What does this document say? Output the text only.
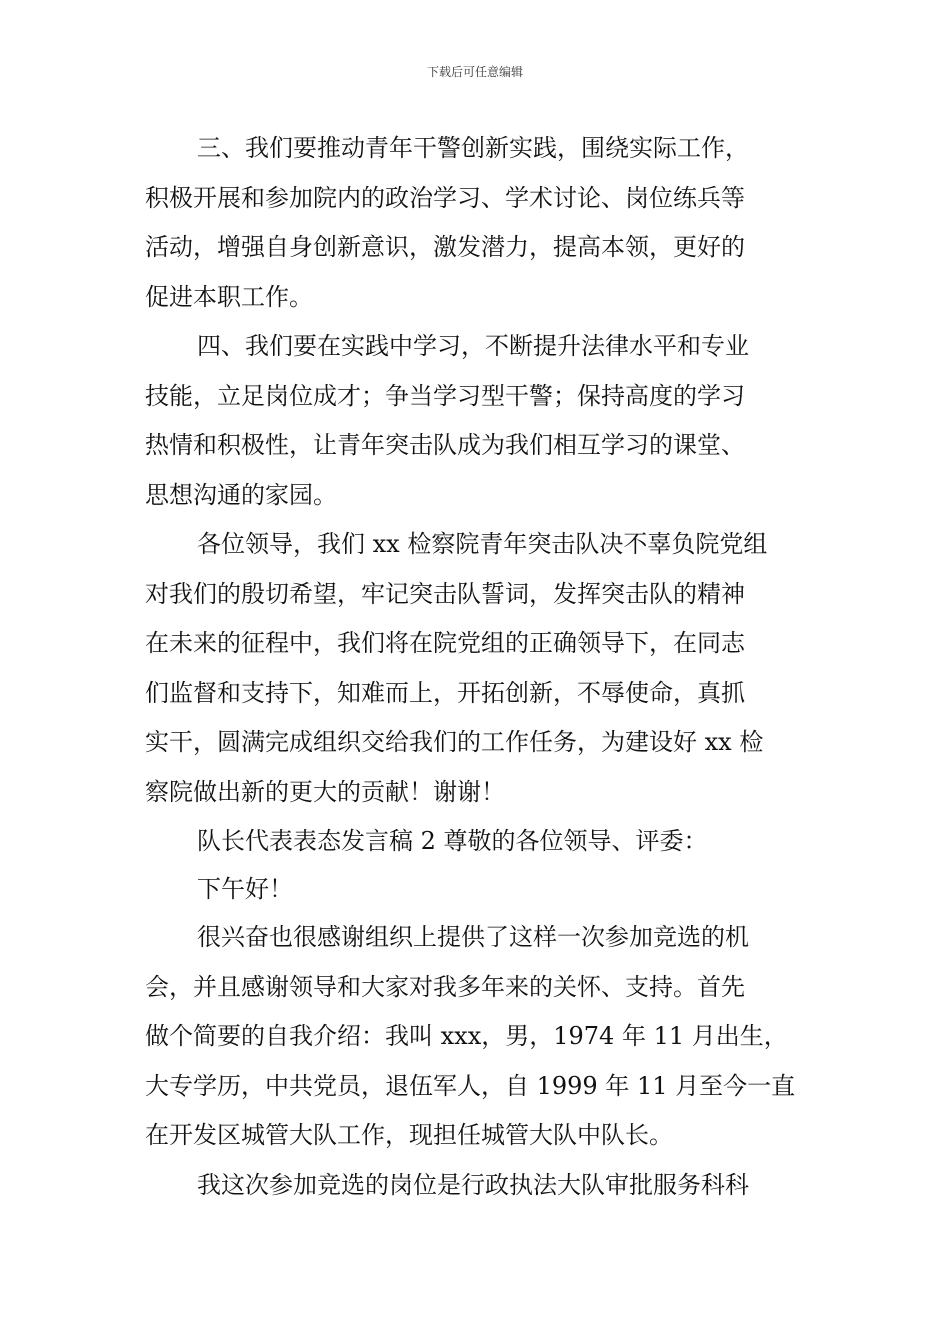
下载后可任意编辑
三、我们要推动青年干警创新实践，围绕实际工作，
积极开展和参加院内的政治学习、学术讨论、岗位练兵等
活动，增强自身创新意识，激发潜力，提高本领，更好的
促进本职工作。
四、我们要在实践中学习，不断提升法律水平和专业
技能，立足岗位成才；争当学习型干警；保持高度的学习
热情和积极性，让青年突击队成为我们相互学习的课堂、
思想沟通的家园。
各位领导，我们 xx 检察院青年突击队决不辜负院党组
对我们的殷切希望，牢记突击队誓词，发挥突击队的精神
在未来的征程中，我们将在院党组的正确领导下，在同志
们监督和支持下，知难而上，开拓创新，不辱使命，真抓
实干，圆满完成组织交给我们的工作任务，为建设好 xx 检
察院做出新的更大的贡献！谢谢！
队长代表表态发言稿 2 尊敬的各位领导、评委：
下午好！
很兴奋也很感谢组织上提供了这样一次参加竞选的机
会，并且感谢领导和大家对我多年来的关怀、支持。首先
做个简要的自我介绍：我叫 xxx，男，1974 年 11 月出生，
大专学历，中共党员，退伍军人，自 1999 年 11 月至今一直
在开发区城管大队工作，现担任城管大队中队长。
我这次参加竞选的岗位是行政执法大队审批服务科科
